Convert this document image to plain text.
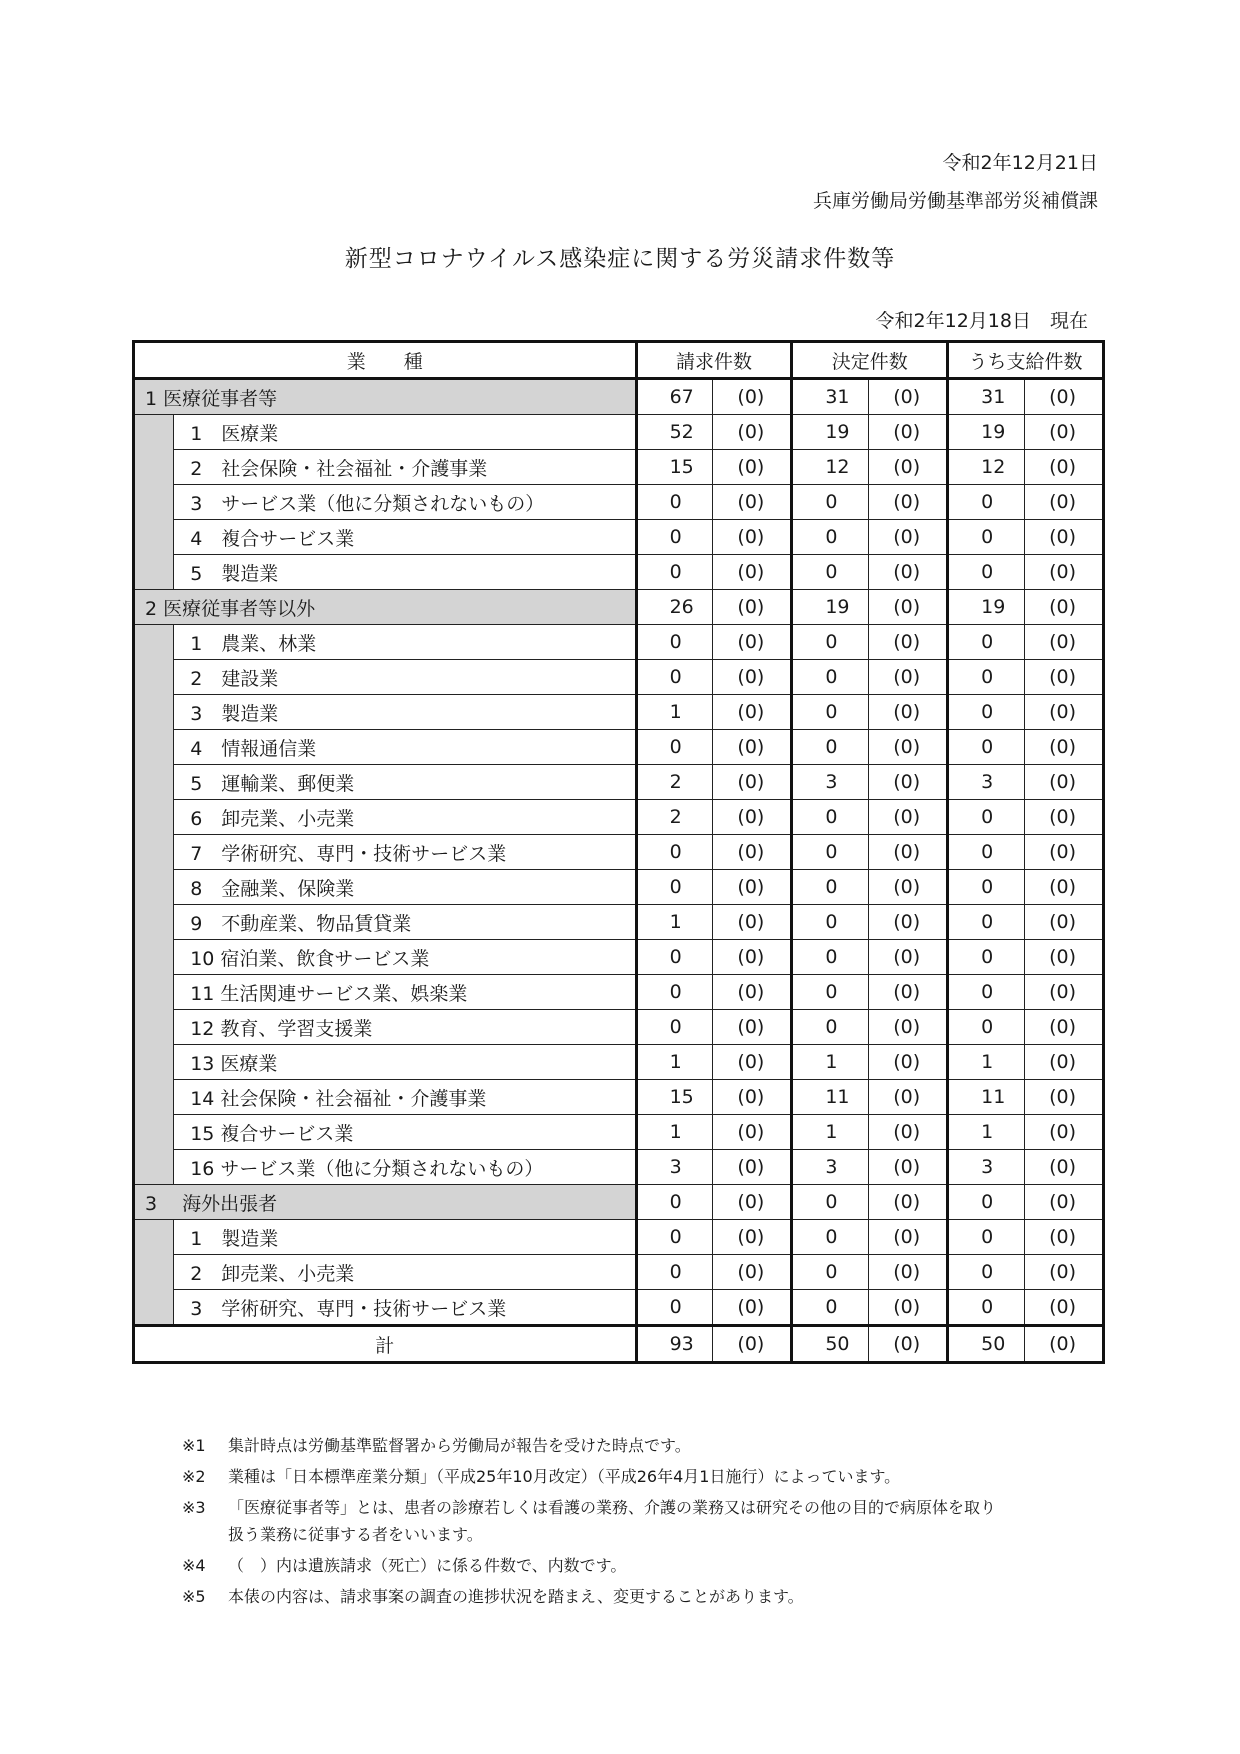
令和2年12月21日
兵庫労働局労働基準部労災補償課
新型コロナウイルス感染症に関する労災請求件数等
令和2年12月18日　現在
業　　種		請求件数		決定件数		うち支給件数	
1 医療従事者等		67	(0)	31	(0)	31	(0)
	1　医療業	52	(0)	19	(0)	19	(0)
	2　社会保険・社会福祉・介護事業	15	(0)	12	(0)	12	(0)
	3　サービス業（他に分類されないもの）	0	(0)	0	(0)	0	(0)
	4　複合サービス業	0	(0)	0	(0)	0	(0)
	5　製造業	0	(0)	0	(0)	0	(0)
2 医療従事者等以外		26	(0)	19	(0)	19	(0)
	1　農業、林業	0	(0)	0	(0)	0	(0)
	2　建設業	0	(0)	0	(0)	0	(0)
	3　製造業	1	(0)	0	(0)	0	(0)
	4　情報通信業	0	(0)	0	(0)	0	(0)
	5　運輸業、郵便業	2	(0)	3	(0)	3	(0)
	6　卸売業、小売業	2	(0)	0	(0)	0	(0)
	7　学術研究、専門・技術サービス業	0	(0)	0	(0)	0	(0)
	8　金融業、保険業	0	(0)	0	(0)	0	(0)
	9　不動産業、物品賃貸業	1	(0)	0	(0)	0	(0)
	10 宿泊業、飲食サービス業	0	(0)	0	(0)	0	(0)
	11 生活関連サービス業、娯楽業	0	(0)	0	(0)	0	(0)
	12 教育、学習支援業	0	(0)	0	(0)	0	(0)
	13 医療業	1	(0)	1	(0)	1	(0)
	14 社会保険・社会福祉・介護事業	15	(0)	11	(0)	11	(0)
	15 複合サービス業	1	(0)	1	(0)	1	(0)
	16 サービス業（他に分類されないもの）	3	(0)	3	(0)	3	(0)
3　 海外出張者		0	(0)	0	(0)	0	(0)
	1　製造業	0	(0)	0	(0)	0	(0)
	2　卸売業、小売業	0	(0)	0	(0)	0	(0)
	3　学術研究、専門・技術サービス業	0	(0)	0	(0)	0	(0)
計		93	(0)	50	(0)	50	(0)
※1	集計時点は労働基準監督署から労働局が報告を受けた時点です。
※2	業種は「日本標準産業分類」（平成25年10月改定）（平成26年4月1日施行）によっています。
※3	「医療従事者等」とは、患者の診療若しくは看護の業務、介護の業務又は研究その他の目的で病原体を取り扱う業務に従事する者をいいます。
※4	（　）内は遺族請求（死亡）に係る件数で、内数です。
※5	本俵の内容は、請求事案の調査の進捗状況を踏まえ、変更することがあります。
